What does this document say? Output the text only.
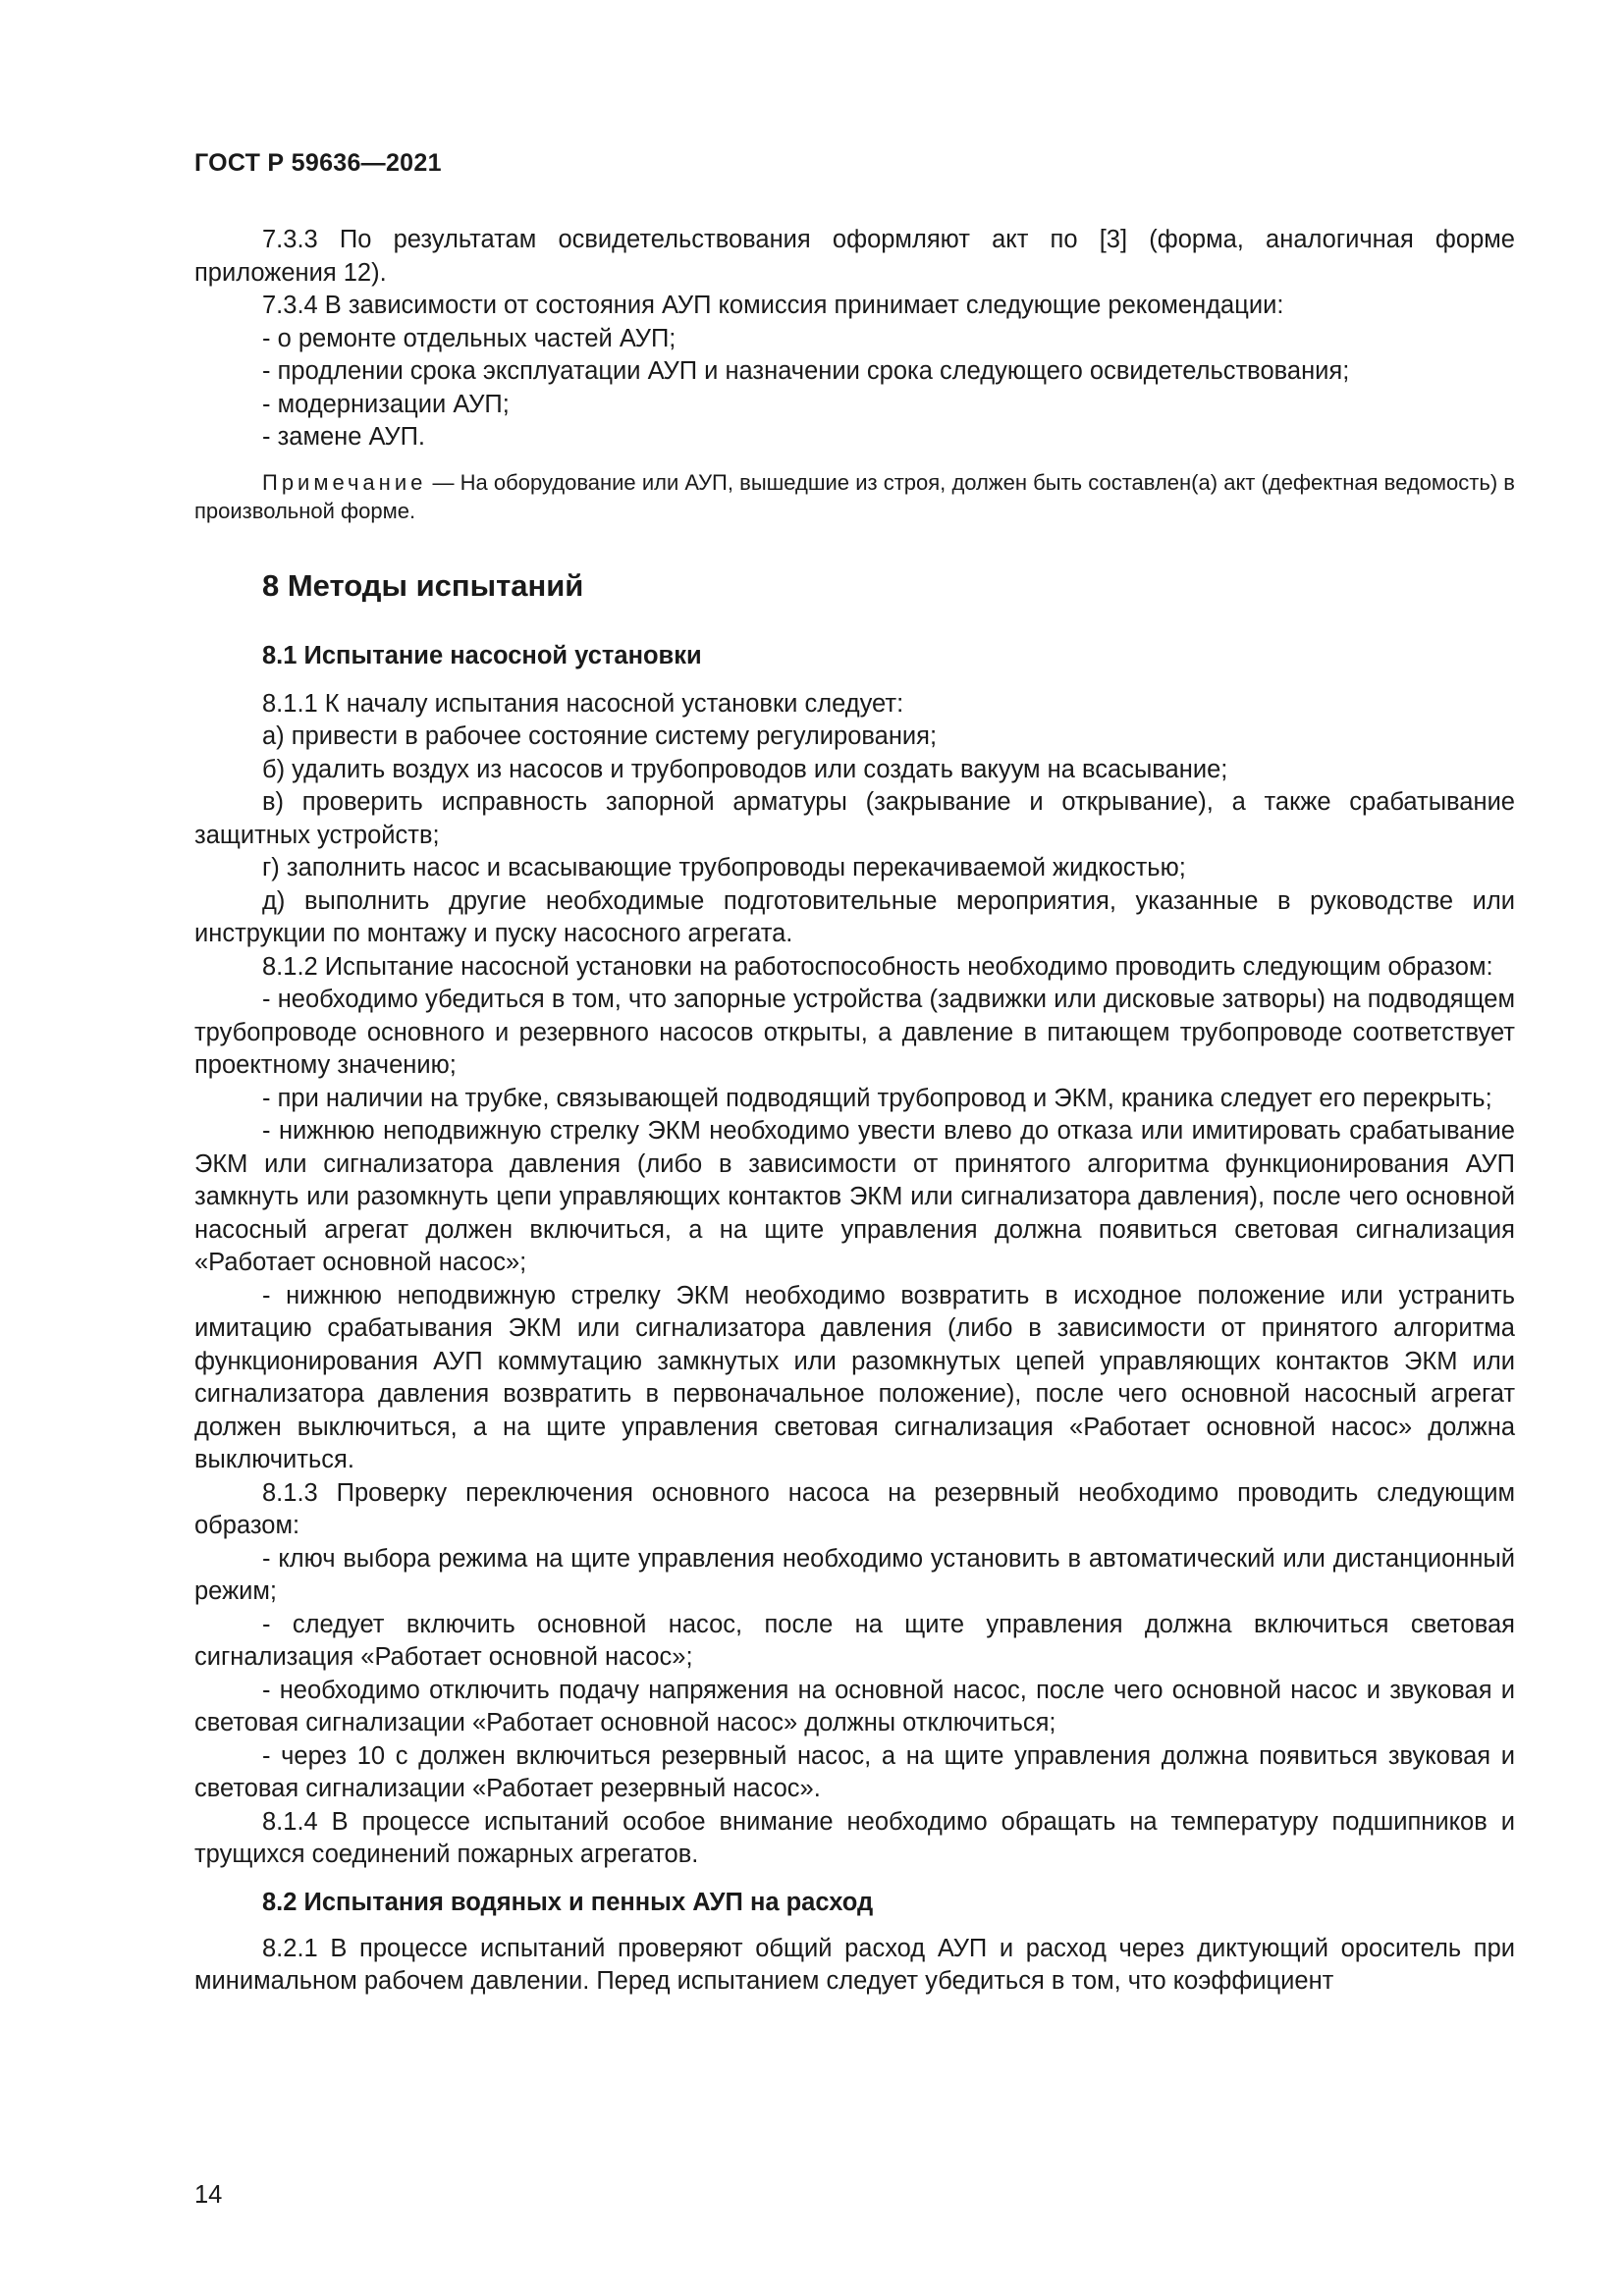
ГОСТ Р 59636—2021

7.3.3 По результатам освидетельствования оформляют акт по [3] (форма, аналогичная форме приложения 12).

7.3.4 В зависимости от состояния АУП комиссия принимает следующие рекомендации:

- о ремонте отдельных частей АУП;

- продлении срока эксплуатации АУП и назначении срока следующего освидетельствования;

- модернизации АУП;

- замене АУП.

Примечание — На оборудование или АУП, вышедшие из строя, должен быть составлен(а) акт (дефектная ведомость) в произвольной форме.

8 Методы испытаний
8.1 Испытание насосной установки

8.1.1 К началу испытания насосной установки следует:

а) привести в рабочее состояние систему регулирования;

б) удалить воздух из насосов и трубопроводов или создать вакуум на всасывание;

в) проверить исправность запорной арматуры (закрывание и открывание), а также срабатывание защитных устройств;

г) заполнить насос и всасывающие трубопроводы перекачиваемой жидкостью;

д) выполнить другие необходимые подготовительные мероприятия, указанные в руководстве или инструкции по монтажу и пуску насосного агрегата.

8.1.2 Испытание насосной установки на работоспособность необходимо проводить следующим образом:

- необходимо убедиться в том, что запорные устройства (задвижки или дисковые затворы) на подводящем трубопроводе основного и резервного насосов открыты, а давление в питающем трубопроводе соответствует проектному значению;

- при наличии на трубке, связывающей подводящий трубопровод и ЭКМ, краника следует его перекрыть;

- нижнюю неподвижную стрелку ЭКМ необходимо увести влево до отказа или имитировать срабатывание ЭКМ или сигнализатора давления (либо в зависимости от принятого алгоритма функционирования АУП замкнуть или разомкнуть цепи управляющих контактов ЭКМ или сигнализатора давления), после чего основной насосный агрегат должен включиться, а на щите управления должна появиться световая сигнализация «Работает основной насос»;

- нижнюю неподвижную стрелку ЭКМ необходимо возвратить в исходное положение или устранить имитацию срабатывания ЭКМ или сигнализатора давления (либо в зависимости от принятого алгоритма функционирования АУП коммутацию замкнутых или разомкнутых цепей управляющих контактов ЭКМ или сигнализатора давления возвратить в первоначальное положение), после чего основной насосный агрегат должен выключиться, а на щите управления световая сигнализация «Работает основной насос» должна выключиться.

8.1.3 Проверку переключения основного насоса на резервный необходимо проводить следующим образом:

- ключ выбора режима на щите управления необходимо установить в автоматический или дистанционный режим;

- следует включить основной насос, после на щите управления должна включиться световая сигнализация «Работает основной насос»;

- необходимо отключить подачу напряжения на основной насос, после чего основной насос и звуковая и световая сигнализации «Работает основной насос» должны отключиться;

- через 10 с должен включиться резервный насос, а на щите управления должна появиться звуковая и световая сигнализации «Работает резервный насос».

8.1.4 В процессе испытаний особое внимание необходимо обращать на температуру подшипников и трущихся соединений пожарных агрегатов.

8.2 Испытания водяных и пенных АУП на расход

8.2.1 В процессе испытаний проверяют общий расход АУП и расход через диктующий ороситель при минимальном рабочем давлении. Перед испытанием следует убедиться в том, что коэффициент

14
